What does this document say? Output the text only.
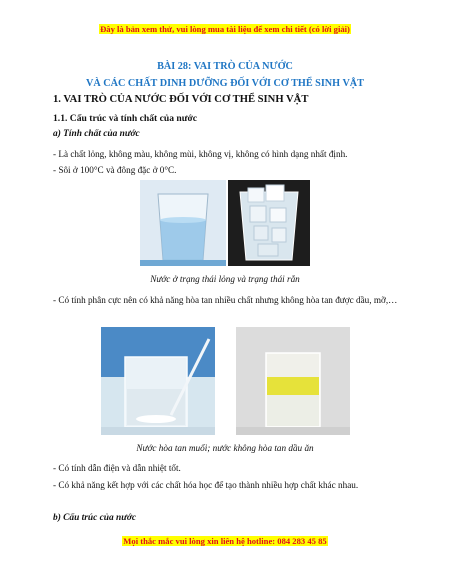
Đây là bản xem thử, vui lòng mua tài liệu để xem chi tiết (có lời giải)
BÀI 28: VAI TRÒ CỦA NƯỚC
VÀ CÁC CHẤT DINH DƯỠNG ĐỐI VỚI CƠ THỂ SINH VẬT
1. VAI TRÒ CỦA NƯỚC ĐỐI VỚI CƠ THỂ SINH VẬT
1.1. Cấu trúc và tính chất của nước
a) Tính chất của nước
- Là chất lỏng, không màu, không mùi, không vị, không có hình dạng nhất định.
- Sôi ở 100°C và đông đặc ở 0°C.
Nước ở trạng thái lỏng và trạng thái rắn
- Có tính phân cực nên có khả năng hòa tan nhiều chất nhưng không hòa tan được dầu, mỡ,…
Nước hòa tan muối; nước không hòa tan dầu ăn
- Có tính dẫn điện và dẫn nhiệt tốt.
- Có khả năng kết hợp với các chất hóa học để tạo thành nhiều hợp chất khác nhau.
b) Cấu trúc của nước
Mọi thắc mắc vui lòng xin liên hệ hotline: 084 283 45 85
